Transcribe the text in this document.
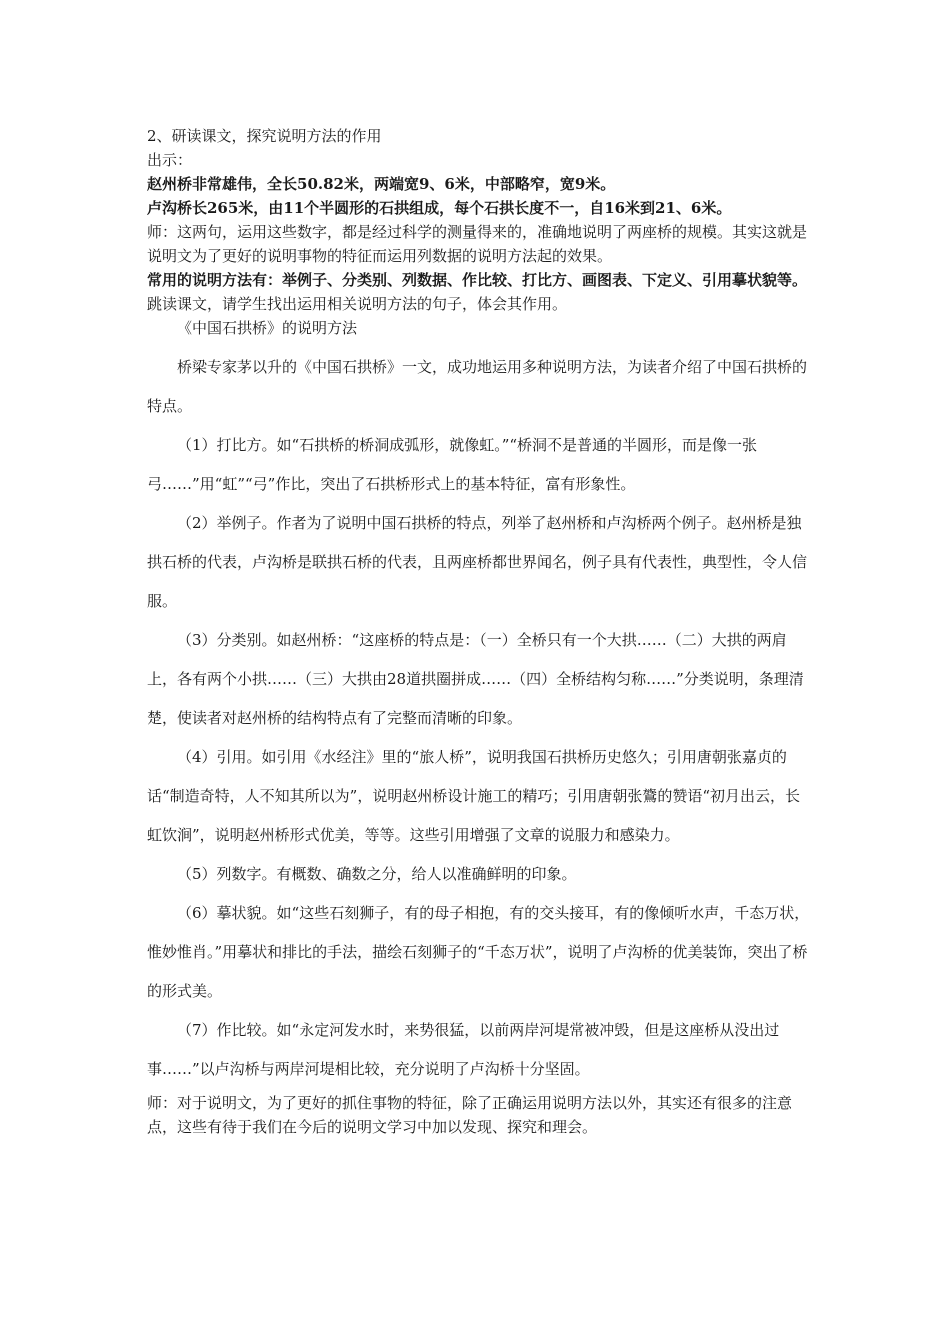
2、研读课文，探究说明方法的作用

出示：

赵州桥非常雄伟，全长50.82米，两端宽9、6米，中部略窄，宽9米。

卢沟桥长265米，由11个半圆形的石拱组成，每个石拱长度不一，自16米到21、6米。

师：这两句，运用这些数字，都是经过科学的测量得来的，准确地说明了两座桥的规模。其实这就是说明文为了更好的说明事物的特征而运用列数据的说明方法起的效果。

常用的说明方法有：举例子、分类别、列数据、作比较、打比方、画图表、下定义、引用摹状貌等。

跳读课文，请学生找出运用相关说明方法的句子，体会其作用。

《中国石拱桥》的说明方法

桥梁专家茅以升的《中国石拱桥》一文，成功地运用多种说明方法，为读者介绍了中国石拱桥的特点。

（1）打比方。如“石拱桥的桥洞成弧形，就像虹。”“桥洞不是普通的半圆形，而是像一张弓……”用“虹”“弓”作比，突出了石拱桥形式上的基本特征，富有形象性。

（2）举例子。作者为了说明中国石拱桥的特点，列举了赵州桥和卢沟桥两个例子。赵州桥是独拱石桥的代表，卢沟桥是联拱石桥的代表，且两座桥都世界闻名，例子具有代表性，典型性，令人信服。

（3）分类别。如赵州桥：“这座桥的特点是：（一）全桥只有一个大拱……（二）大拱的两肩上，各有两个小拱……（三）大拱由28道拱圈拼成……（四）全桥结构匀称……”分类说明，条理清楚，使读者对赵州桥的结构特点有了完整而清晰的印象。

（4）引用。如引用《水经注》里的“旅人桥”，说明我国石拱桥历史悠久；引用唐朝张嘉贞的话“制造奇特，人不知其所以为”，说明赵州桥设计施工的精巧；引用唐朝张鷟的赞语“初月出云，长虹饮涧”，说明赵州桥形式优美，等等。这些引用增强了文章的说服力和感染力。

（5）列数字。有概数、确数之分，给人以准确鲜明的印象。

（6）摹状貌。如“这些石刻狮子，有的母子相抱，有的交头接耳，有的像倾听水声，千态万状，惟妙惟肖。”用摹状和排比的手法，描绘石刻狮子的“千态万状”，说明了卢沟桥的优美装饰，突出了桥的形式美。

（7）作比较。如“永定河发水时，来势很猛，以前两岸河堤常被冲毁，但是这座桥从没出过事……”以卢沟桥与两岸河堤相比较，充分说明了卢沟桥十分坚固。

师：对于说明文，为了更好的抓住事物的特征，除了正确运用说明方法以外，其实还有很多的注意点，这些有待于我们在今后的说明文学习中加以发现、探究和理会。
